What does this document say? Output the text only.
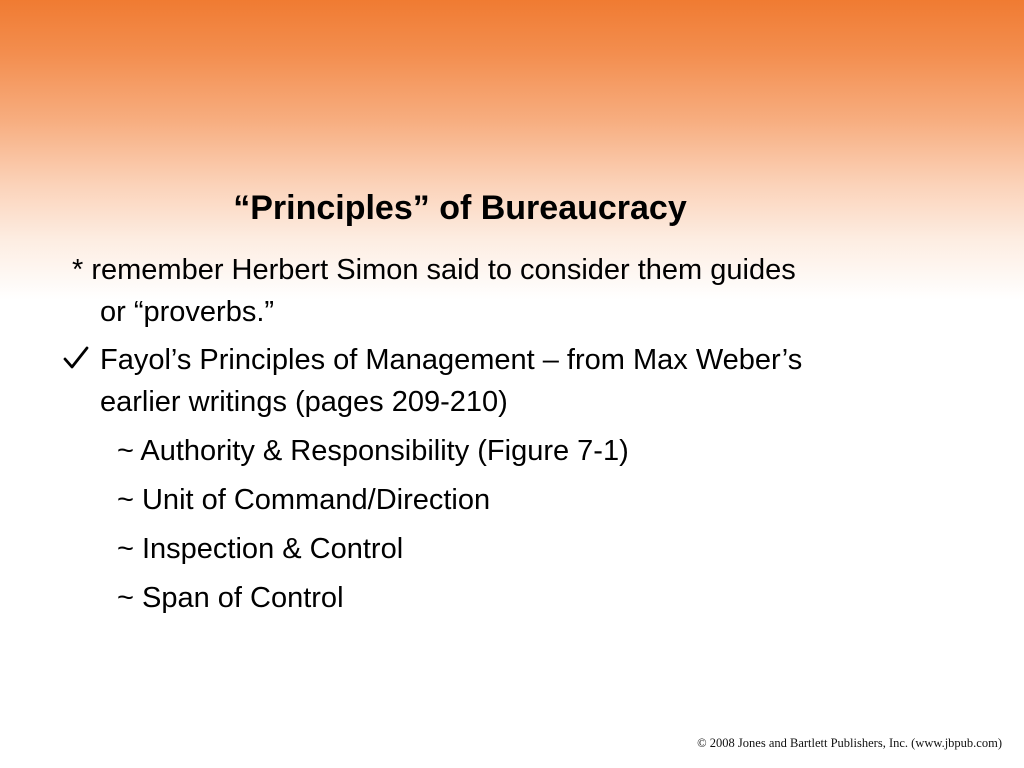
“Principles” of Bureaucracy
* remember Herbert Simon said to consider them guides
or “proverbs.”
Fayol’s Principles of Management – from Max Weber’s
earlier writings (pages 209-210)
~ Authority & Responsibility (Figure 7-1)
~ Unit of Command/Direction
~ Inspection & Control
~ Span of Control
© 2008 Jones and Bartlett Publishers, Inc. (www.jbpub.com)
